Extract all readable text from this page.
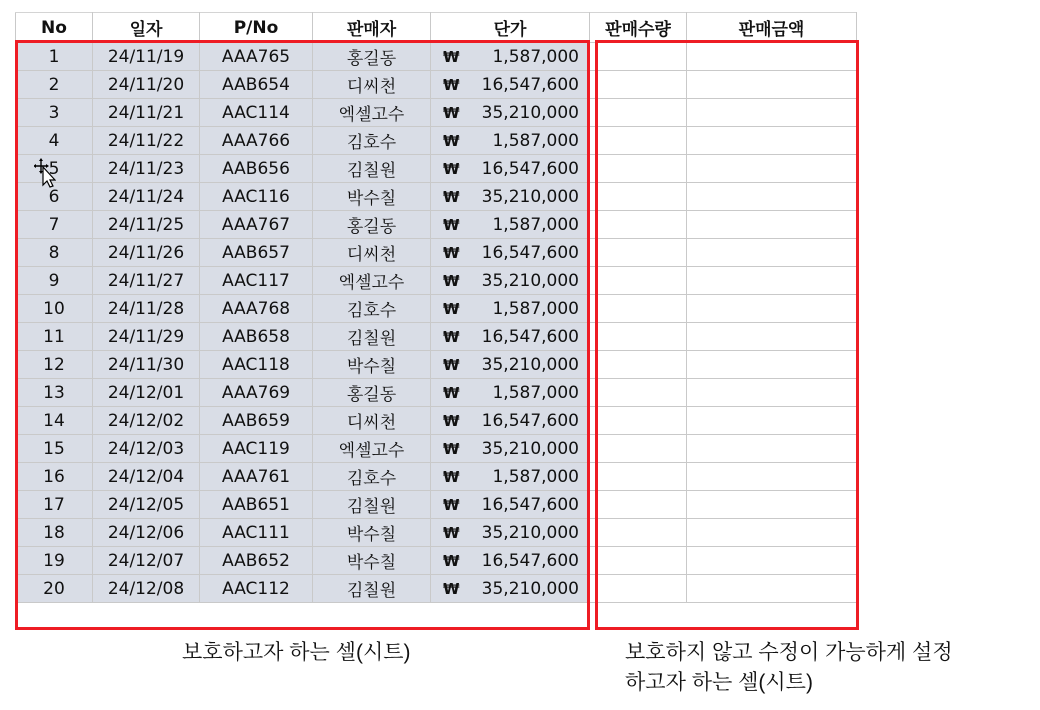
No	일자	P/No	판매자	단가	판매수량	판매금액
1	24/11/19	AAA765	홍길동	₩ 1,587,000		

2	24/11/20	AAB654	디씨천	₩ 16,547,600		

3	24/11/21	AAC114	엑셀고수	₩ 35,210,000		

4	24/11/22	AAA766	김호수	₩ 1,587,000		

5	24/11/23	AAB656	김칠원	₩ 16,547,600		

6	24/11/24	AAC116	박수칠	₩ 35,210,000		

7	24/11/25	AAA767	홍길동	₩ 1,587,000		

8	24/11/26	AAB657	디씨천	₩ 16,547,600		

9	24/11/27	AAC117	엑셀고수	₩ 35,210,000		

10	24/11/28	AAA768	김호수	₩ 1,587,000		

11	24/11/29	AAB658	김칠원	₩ 16,547,600		

12	24/11/30	AAC118	박수칠	₩ 35,210,000		

13	24/12/01	AAA769	홍길동	₩ 1,587,000		

14	24/12/02	AAB659	디씨천	₩ 16,547,600		

15	24/12/03	AAC119	엑셀고수	₩ 35,210,000		

16	24/12/04	AAA761	김호수	₩ 1,587,000		

17	24/12/05	AAB651	김칠원	₩ 16,547,600		

18	24/12/06	AAC111	박수칠	₩ 35,210,000		

19	24/12/07	AAB652	박수칠	₩ 16,547,600		

20	24/12/08	AAC112	김칠원	₩ 35,210,000		

보호하고자 하는 셀(시트)	보호하지 않고 수정이 가능하게 설정
하고자 하는 셀(시트)
